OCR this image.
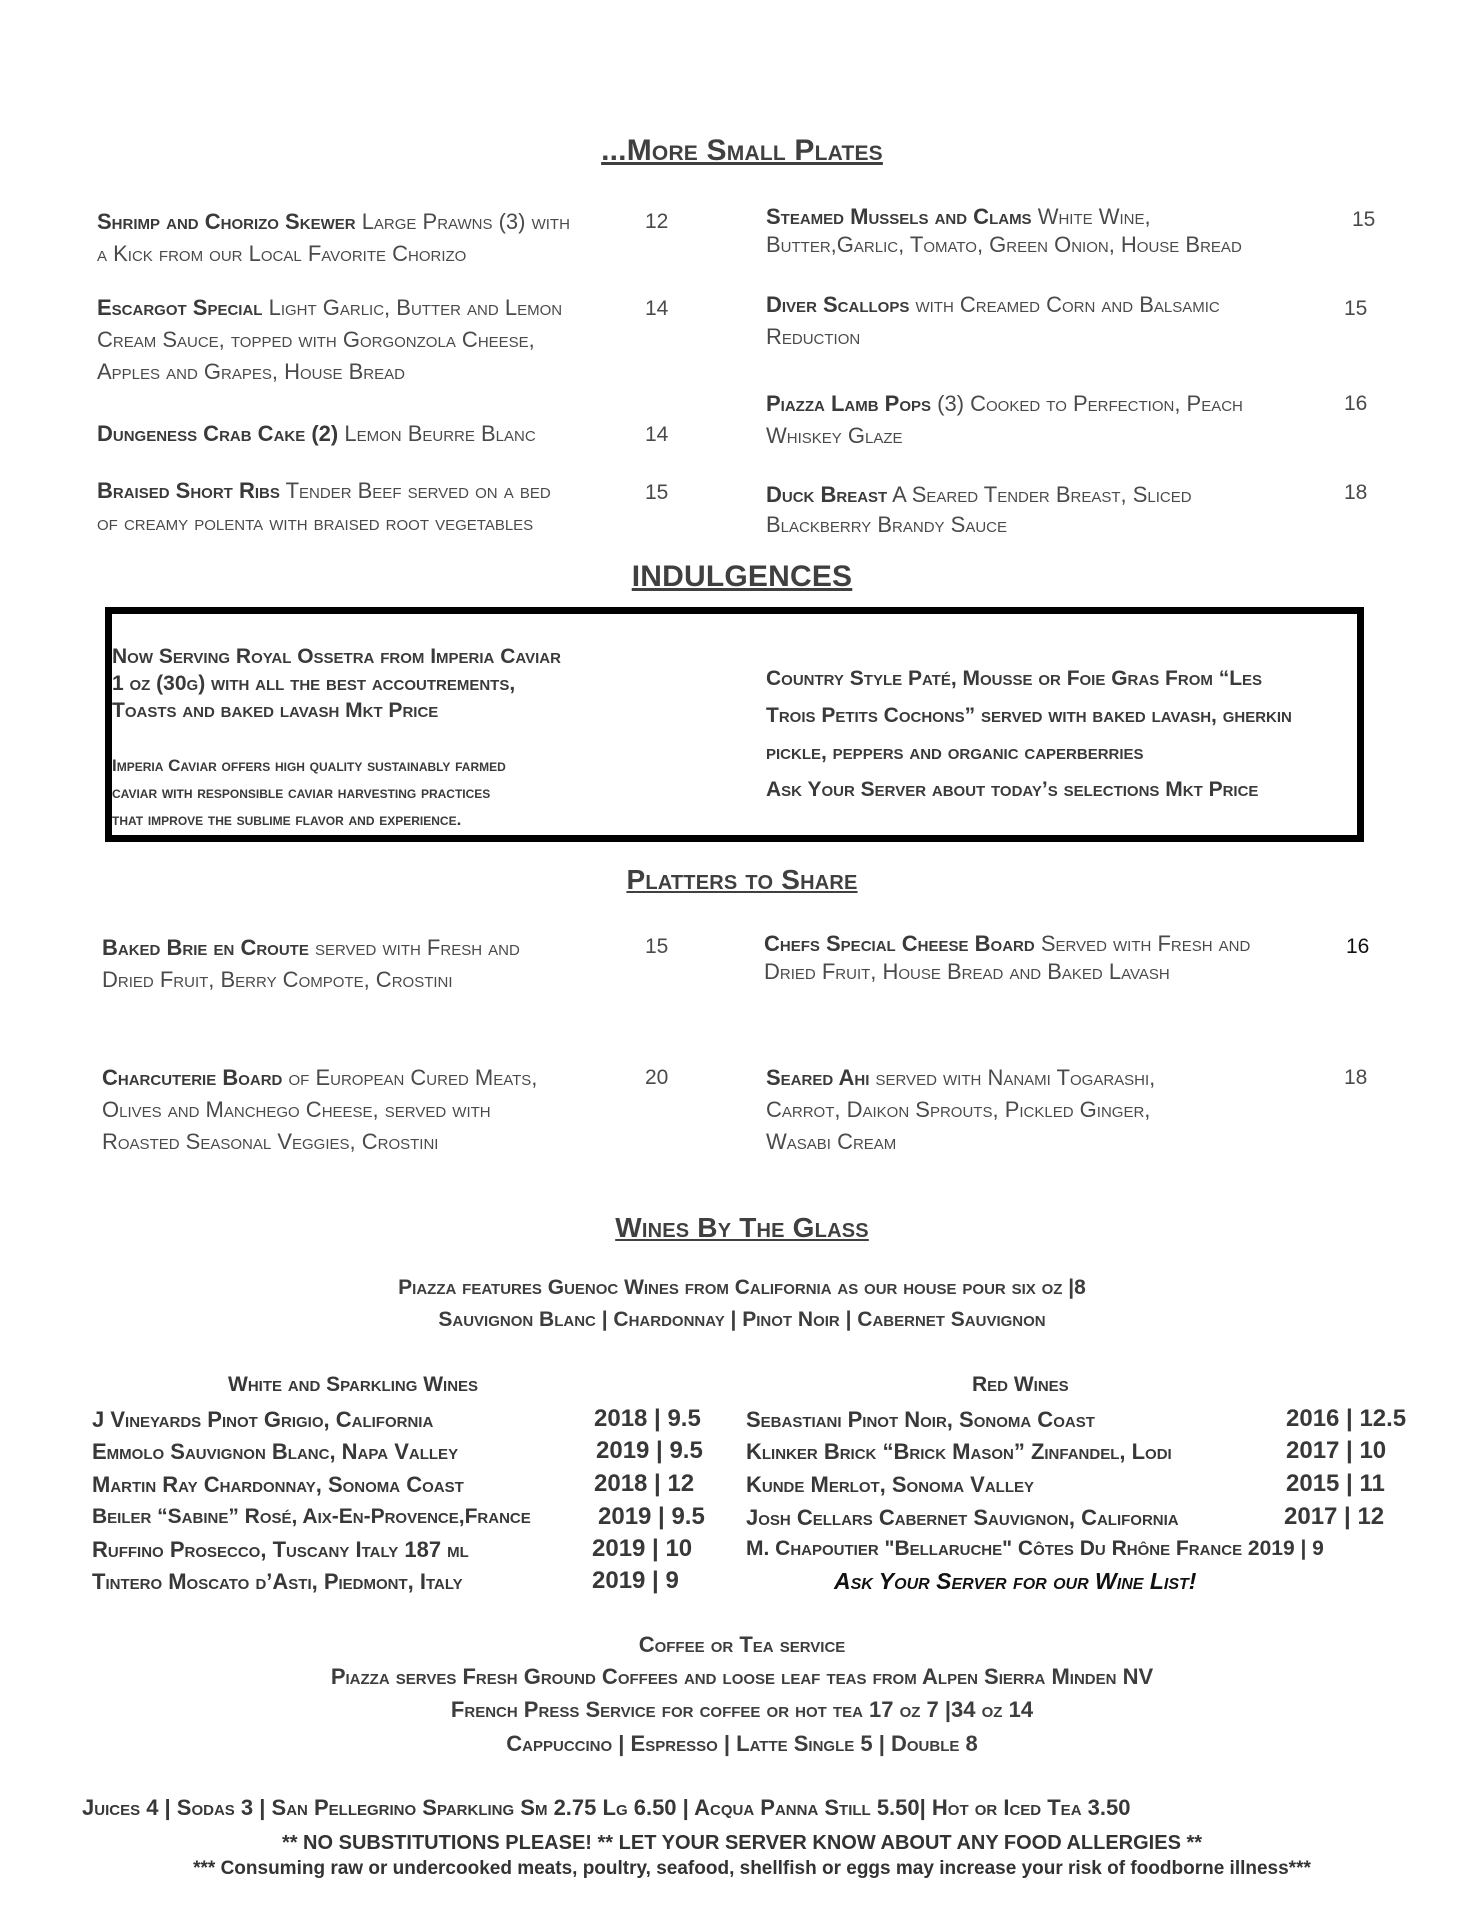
...More Small Plates
Shrimp and Chorizo Skewer Large Prawns (3) with
a Kick from our Local Favorite Chorizo
12
Escargot Special Light Garlic, Butter and Lemon
Cream Sauce, topped with Gorgonzola Cheese,
Apples and Grapes, House Bread
14
Dungeness Crab Cake (2) Lemon Beurre Blanc	14
Braised Short Ribs Tender Beef served on a bed
of creamy polenta with braised root vegetables
15
Steamed Mussels and Clams White Wine,
Butter,Garlic, Tomato, Green Onion, House Bread
15
Diver Scallops with Creamed Corn and Balsamic
Reduction
15
Piazza Lamb Pops (3) Cooked to Perfection, Peach
Whiskey Glaze
16
Duck Breast A Seared Tender Breast, Sliced
Blackberry Brandy Sauce
18
INDULGENCES
Now Serving Royal Ossetra from Imperia Caviar
1 oz (30g) with all the best accoutrements,
Toasts and baked lavash Mkt Price
Imperia Caviar offers high quality sustainably farmed
caviar with responsible caviar harvesting practices
that improve the sublime flavor and experience.
Country Style Paté, Mousse or Foie Gras From “Les
Trois Petits Cochons” served with baked lavash, gherkin
pickle, peppers and organic caperberries
Ask Your Server about today’s selections Mkt Price
Platters to Share
Baked Brie en Croute served with Fresh and
Dried Fruit, Berry Compote, Crostini
15
Charcuterie Board of European Cured Meats,
Olives and Manchego Cheese, served with
Roasted Seasonal Veggies, Crostini
20
Chefs Special Cheese Board Served with Fresh and
Dried Fruit, House Bread and Baked Lavash
16
Seared Ahi served with Nanami Togarashi,
Carrot, Daikon Sprouts, Pickled Ginger,
Wasabi Cream
18
Wines By The Glass
Piazza features Guenoc Wines from California as our house pour six oz |8
Sauvignon Blanc | Chardonnay | Pinot Noir | Cabernet Sauvignon
White and Sparkling Wines	Red Wines
J Vineyards Pinot Grigio, California	2018 | 9.5
Emmolo Sauvignon Blanc, Napa Valley	2019 | 9.5
Martin Ray Chardonnay, Sonoma Coast	2018 | 12
Beiler “Sabine” Rosé, Aix-En-Provence,France	2019 | 9.5
Ruffino Prosecco, Tuscany Italy 187 ml	2019 | 10
Tintero Moscato d’Asti, Piedmont, Italy	2019 | 9
Sebastiani Pinot Noir, Sonoma Coast	2016 | 12.5
Klinker Brick “Brick Mason” Zinfandel, Lodi	2017 | 10
Kunde Merlot, Sonoma Valley	2015 | 11
Josh Cellars Cabernet Sauvignon, California	2017 | 12
M. Chapoutier "Bellaruche" Côtes Du Rhône France 2019 | 9
Ask Your Server for our Wine List!
Coffee or Tea service
Piazza serves Fresh Ground Coffees and loose leaf teas from Alpen Sierra Minden NV
French Press Service for coffee or hot tea 17 oz 7 |34 oz 14
Cappuccino | Espresso | Latte Single 5 | Double 8
Juices 4 | Sodas 3 | San Pellegrino Sparkling Sm 2.75 Lg 6.50 | Acqua Panna Still 5.50| Hot or Iced Tea 3.50
** NO SUBSTITUTIONS PLEASE! ** LET YOUR SERVER KNOW ABOUT ANY FOOD ALLERGIES **
*** Consuming raw or undercooked meats, poultry, seafood, shellfish or eggs may increase your risk of foodborne illness***
